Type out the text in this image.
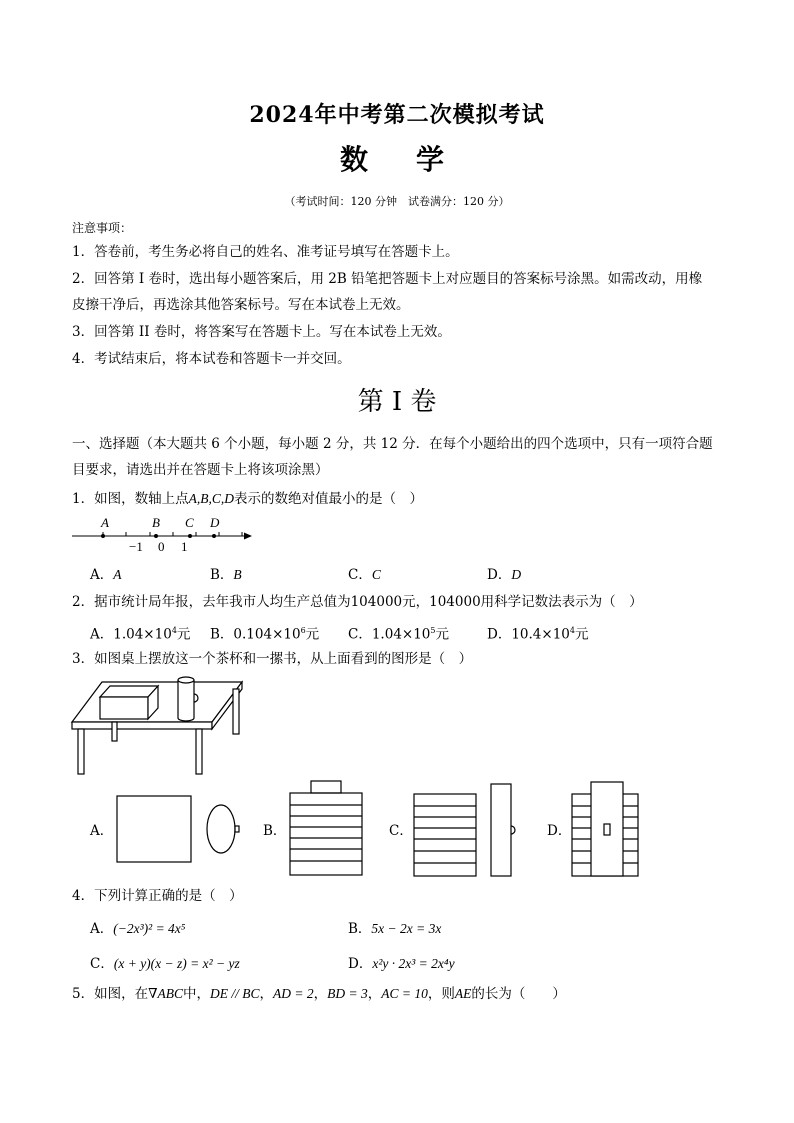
2024年中考第二次模拟考试
数　学
（考试时间：120 分钟　试卷满分：120 分）
注意事项：
1．答卷前，考生务必将自己的姓名、准考证号填写在答题卡上。
2．回答第 I 卷时，选出每小题答案后，用 2B 铅笔把答题卡上对应题目的答案标号涂黑。如需改动，用橡
皮擦干净后，再选涂其他答案标号。写在本试卷上无效。
3．回答第 II 卷时，将答案写在答题卡上。写在本试卷上无效。
4．考试结束后，将本试卷和答题卡一并交回。
第 I 卷
一、选择题（本大题共 6 个小题，每小题 2 分，共 12 分．在每个小题给出的四个选项中，只有一项符合题
目要求，请选出并在答题卡上将该项涂黑）
1．如图，数轴上点A,B,C,D表示的数绝对值最小的是（　）
A	B C D
−1 0 1
A．A	B．B	C．C	D．D
2．据市统计局年报，去年我市人均生产总值为104000元，104000用科学记数法表示为（　）
A．$1.04\times 10^4$元 B．$0.104\times 10^6$元 C．$1.04\times 10^5$元	D．$10.4\times 10^4$元
3．如图桌上摆放这一个茶杯和一摞书，从上面看到的图形是（　）
A．	B．	C．	D．
4．下列计算正确的是（　）
A．(−2x³)² = 4x⁵	B．5x − 2x = 3x
C．(x + y)(x − z) = x² − yz	D．x²y · 2x³ = 2x⁴y
5．如图，在∇ABC中，DE // BC，AD = 2，BD = 3，AC = 10，则AE的长为（　　）
